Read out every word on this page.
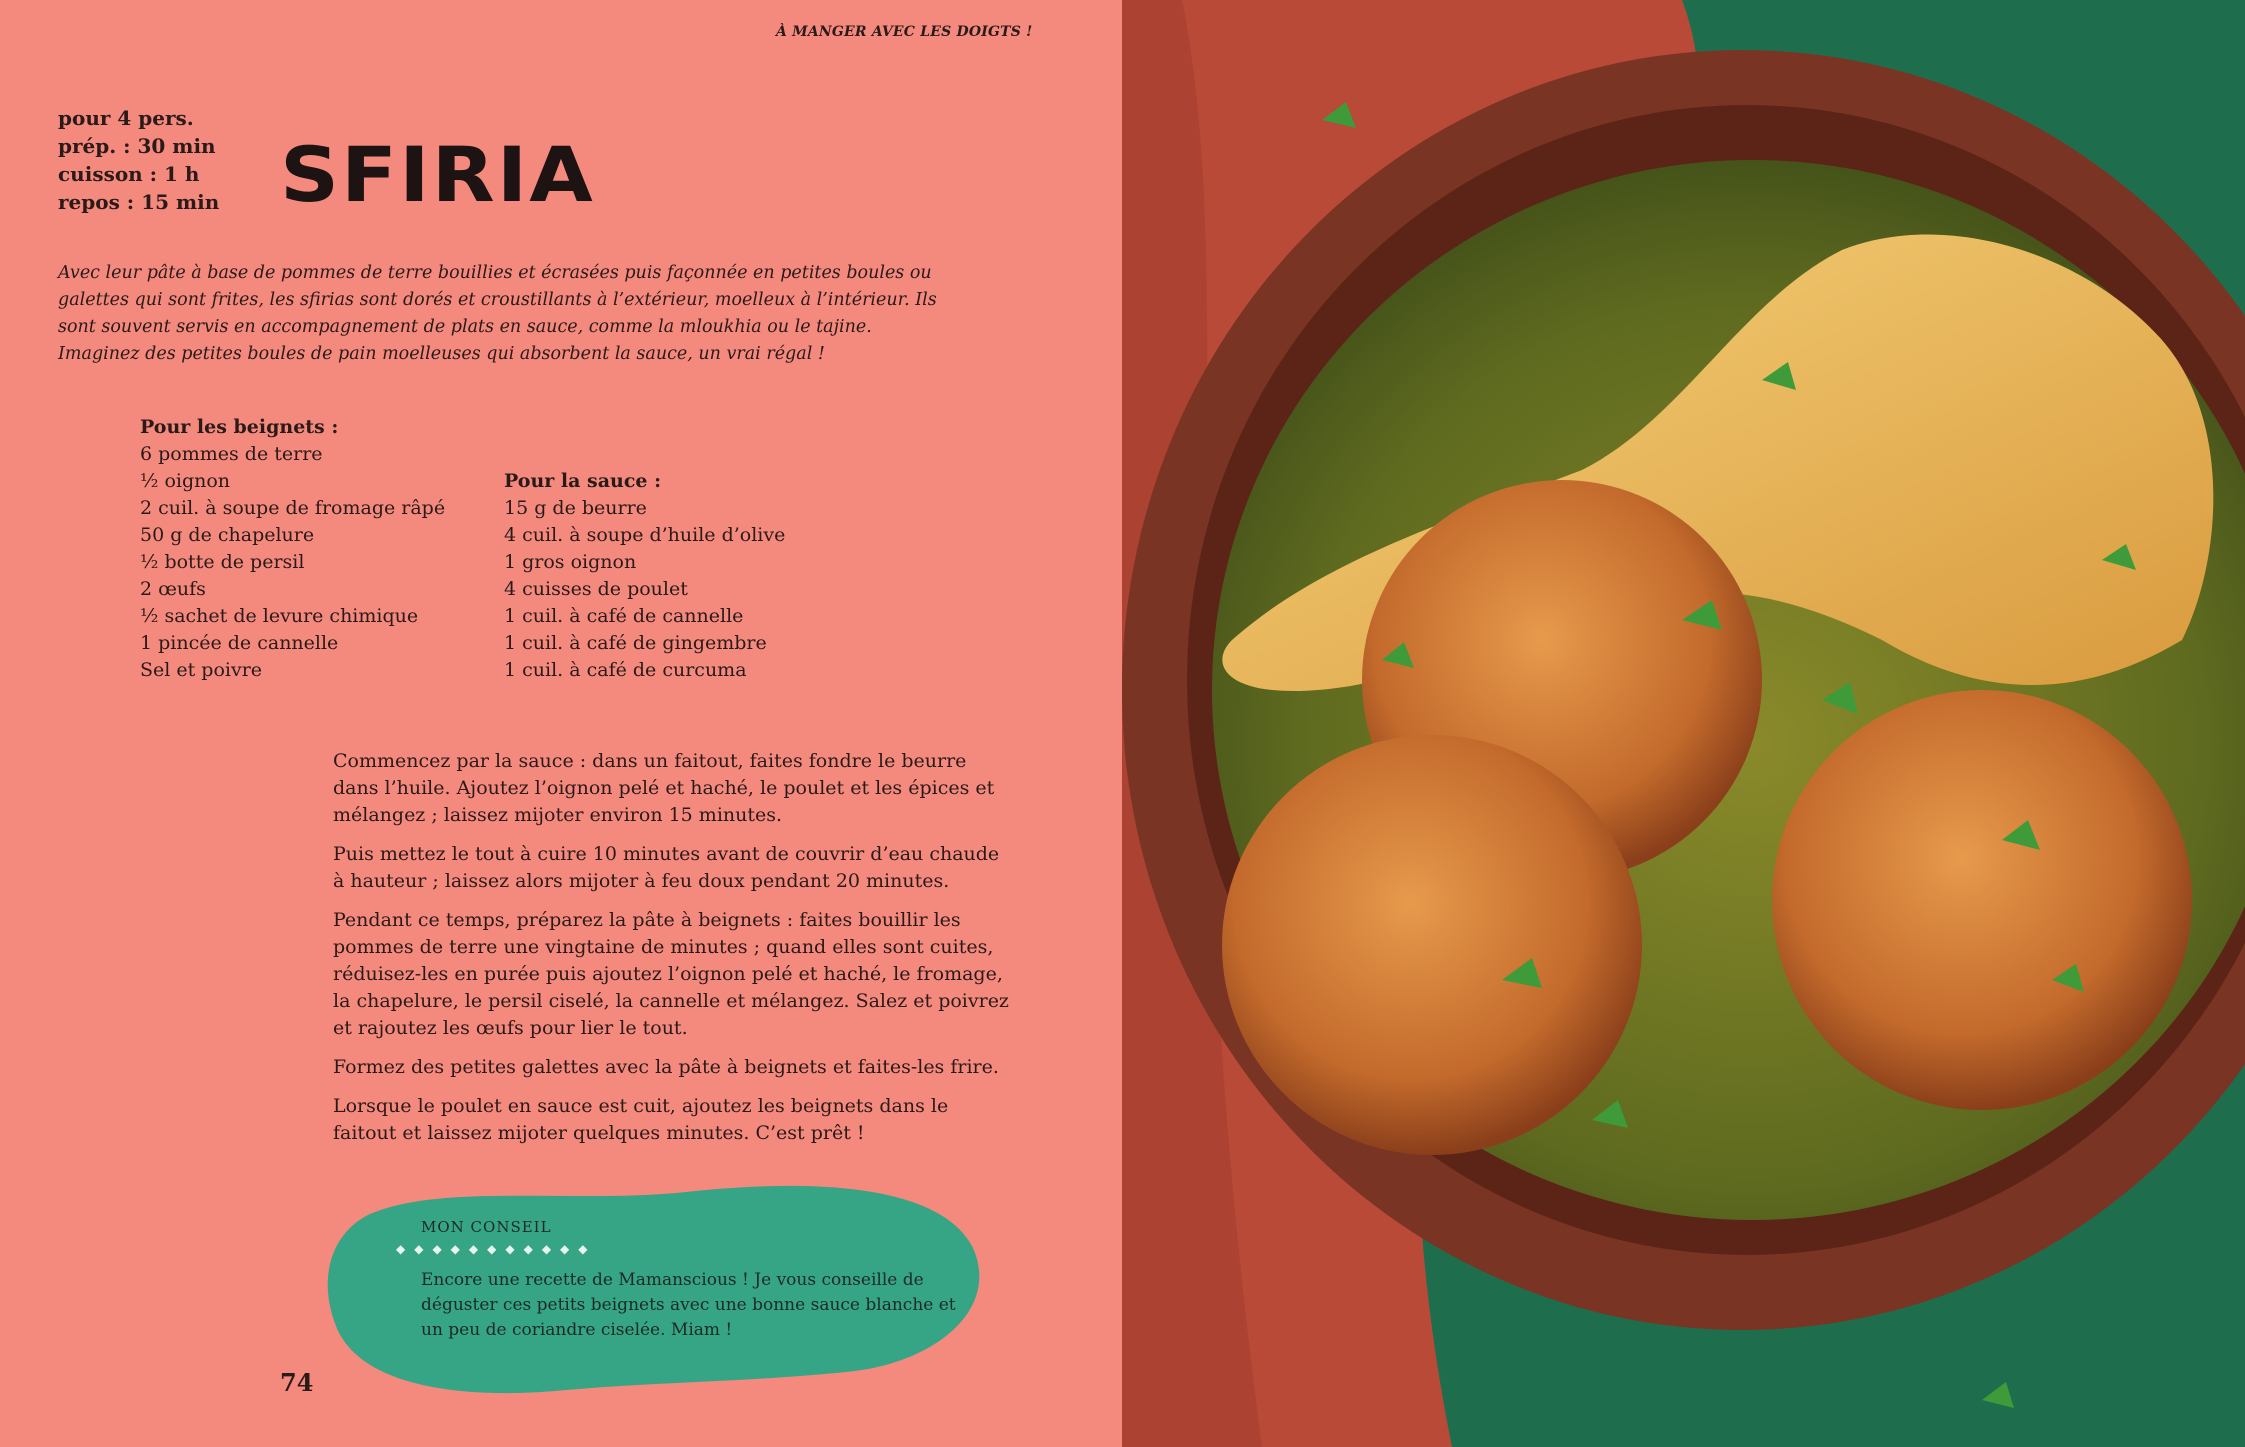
À MANGER AVEC LES DOIGTS !
pour 4 pers.
prép. : 30 min
cuisson : 1 h
repos : 15 min SFIRIA
Avec leur pâte à base de pommes de terre bouillies et écrasées puis façonnée en petites boules ou galettes qui sont frites, les sfirias sont dorés et croustillants à l’extérieur, moelleux à l’intérieur. Ils sont souvent servis en accompagnement de plats en sauce, comme la mloukhia ou le tajine. Imaginez des petites boules de pain moelleuses qui absorbent la sauce, un vrai régal !
Pour les beignets :
6 pommes de terre
½ oignon
2 cuil. à soupe de fromage râpé
50 g de chapelure
½ botte de persil
2 œufs
½ sachet de levure chimique
1 pincée de cannelle
Sel et poivre
Pour la sauce :
15 g de beurre
4 cuil. à soupe d’huile d’olive
1 gros oignon
4 cuisses de poulet
1 cuil. à café de cannelle
1 cuil. à café de gingembre
1 cuil. à café de curcuma

Commencez par la sauce : dans un faitout, faites fondre le beurre dans l’huile. Ajoutez l’oignon pelé et haché, le poulet et les épices et mélangez ; laissez mijoter environ 15 minutes.

Puis mettez le tout à cuire 10 minutes avant de couvrir d’eau chaude à hauteur ; laissez alors mijoter à feu doux pendant 20 minutes.

Pendant ce temps, préparez la pâte à beignets : faites bouillir les pommes de terre une vingtaine de minutes ; quand elles sont cuites, réduisez-les en purée puis ajoutez l’oignon pelé et haché, le fromage, la chapelure, le persil ciselé, la cannelle et mélangez. Salez et poivrez et rajoutez les œufs pour lier le tout.

Formez des petites galettes avec la pâte à beignets et faites-les frire.

Lorsque le poulet en sauce est cuit, ajoutez les beignets dans le faitout et laissez mijoter quelques minutes. C’est prêt !

MON CONSEIL
◆◆◆◆◆◆◆◆◆◆◆
Encore une recette de Mamanscious ! Je vous conseille de déguster ces petits beignets avec une bonne sauce blanche et un peu de coriandre ciselée. Miam !
74
